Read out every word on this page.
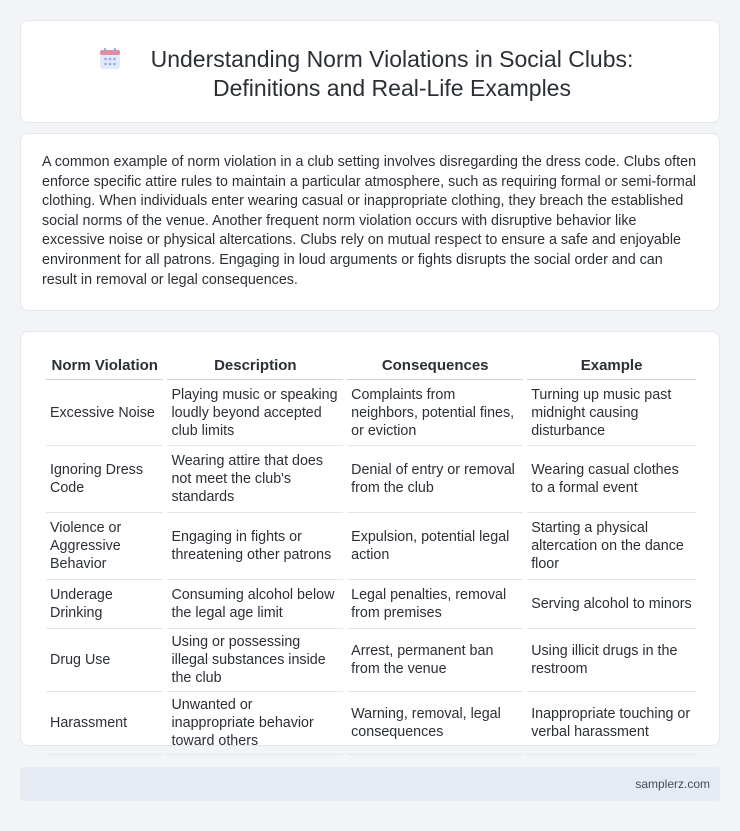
Understanding Norm Violations in Social Clubs: Definitions and Real-Life Examples

A common example of norm violation in a club setting involves disregarding the dress code. Clubs often enforce specific attire rules to maintain a particular atmosphere, such as requiring formal or semi-formal clothing. When individuals enter wearing casual or inappropriate clothing, they breach the established social norms of the venue. Another frequent norm violation occurs with disruptive behavior like excessive noise or physical altercations. Clubs rely on mutual respect to ensure a safe and enjoyable environment for all patrons. Engaging in loud arguments or fights disrupts the social order and can result in removal or legal consequences.

Norm Violation	Description	Consequences	Example
Excessive Noise	Playing music or speaking loudly beyond accepted club limits	Complaints from neighbors, potential fines, or eviction	Turning up music past midnight causing disturbance
Ignoring Dress Code	Wearing attire that does not meet the club's standards	Denial of entry or removal from the club	Wearing casual clothes to a formal event
Violence or Aggressive Behavior	Engaging in fights or threatening other patrons	Expulsion, potential legal action	Starting a physical altercation on the dance floor
Underage Drinking	Consuming alcohol below the legal age limit	Legal penalties, removal from premises	Serving alcohol to minors
Drug Use	Using or possessing illegal substances inside the club	Arrest, permanent ban from the venue	Using illicit drugs in the restroom
Harassment	Unwanted or inappropriate behavior toward others	Warning, removal, legal consequences	Inappropriate touching or verbal harassment
samplerz.com
